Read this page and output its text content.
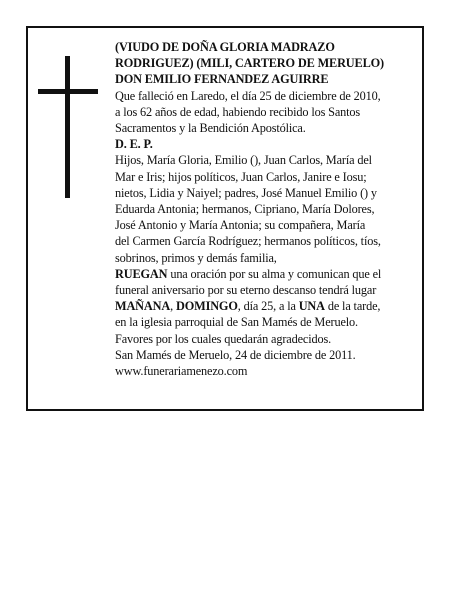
(VIUDO DE DOÑA GLORIA MADRAZO

RODRIGUEZ) (MILI, CARTERO DE MERUELO)

DON EMILIO FERNANDEZ AGUIRRE

Que falleció en Laredo, el día 25 de diciembre de 2010,

a los 62 años de edad, habiendo recibido los Santos

Sacramentos y la Bendición Apostólica.

D. E. P.

Hijos, María Gloria, Emilio (), Juan Carlos, María del

Mar e Iris; hijos políticos, Juan Carlos, Janire e Iosu;

nietos, Lidia y Naiyel; padres, José Manuel Emilio () y

Eduarda Antonia; hermanos, Cipriano, María Dolores,

José Antonio y María Antonia; su compañera, María

del Carmen García Rodríguez; hermanos políticos, tíos,

sobrinos, primos y demás familia,

RUEGAN una oración por su alma y comunican que el

funeral aniversario por su eterno descanso tendrá lugar

MAÑANA, DOMINGO, día 25, a la UNA de la tarde,

en la iglesia parroquial de San Mamés de Meruelo.

Favores por los cuales quedarán agradecidos.

San Mamés de Meruelo, 24 de diciembre de 2011.

www.funerariamenezo.com
